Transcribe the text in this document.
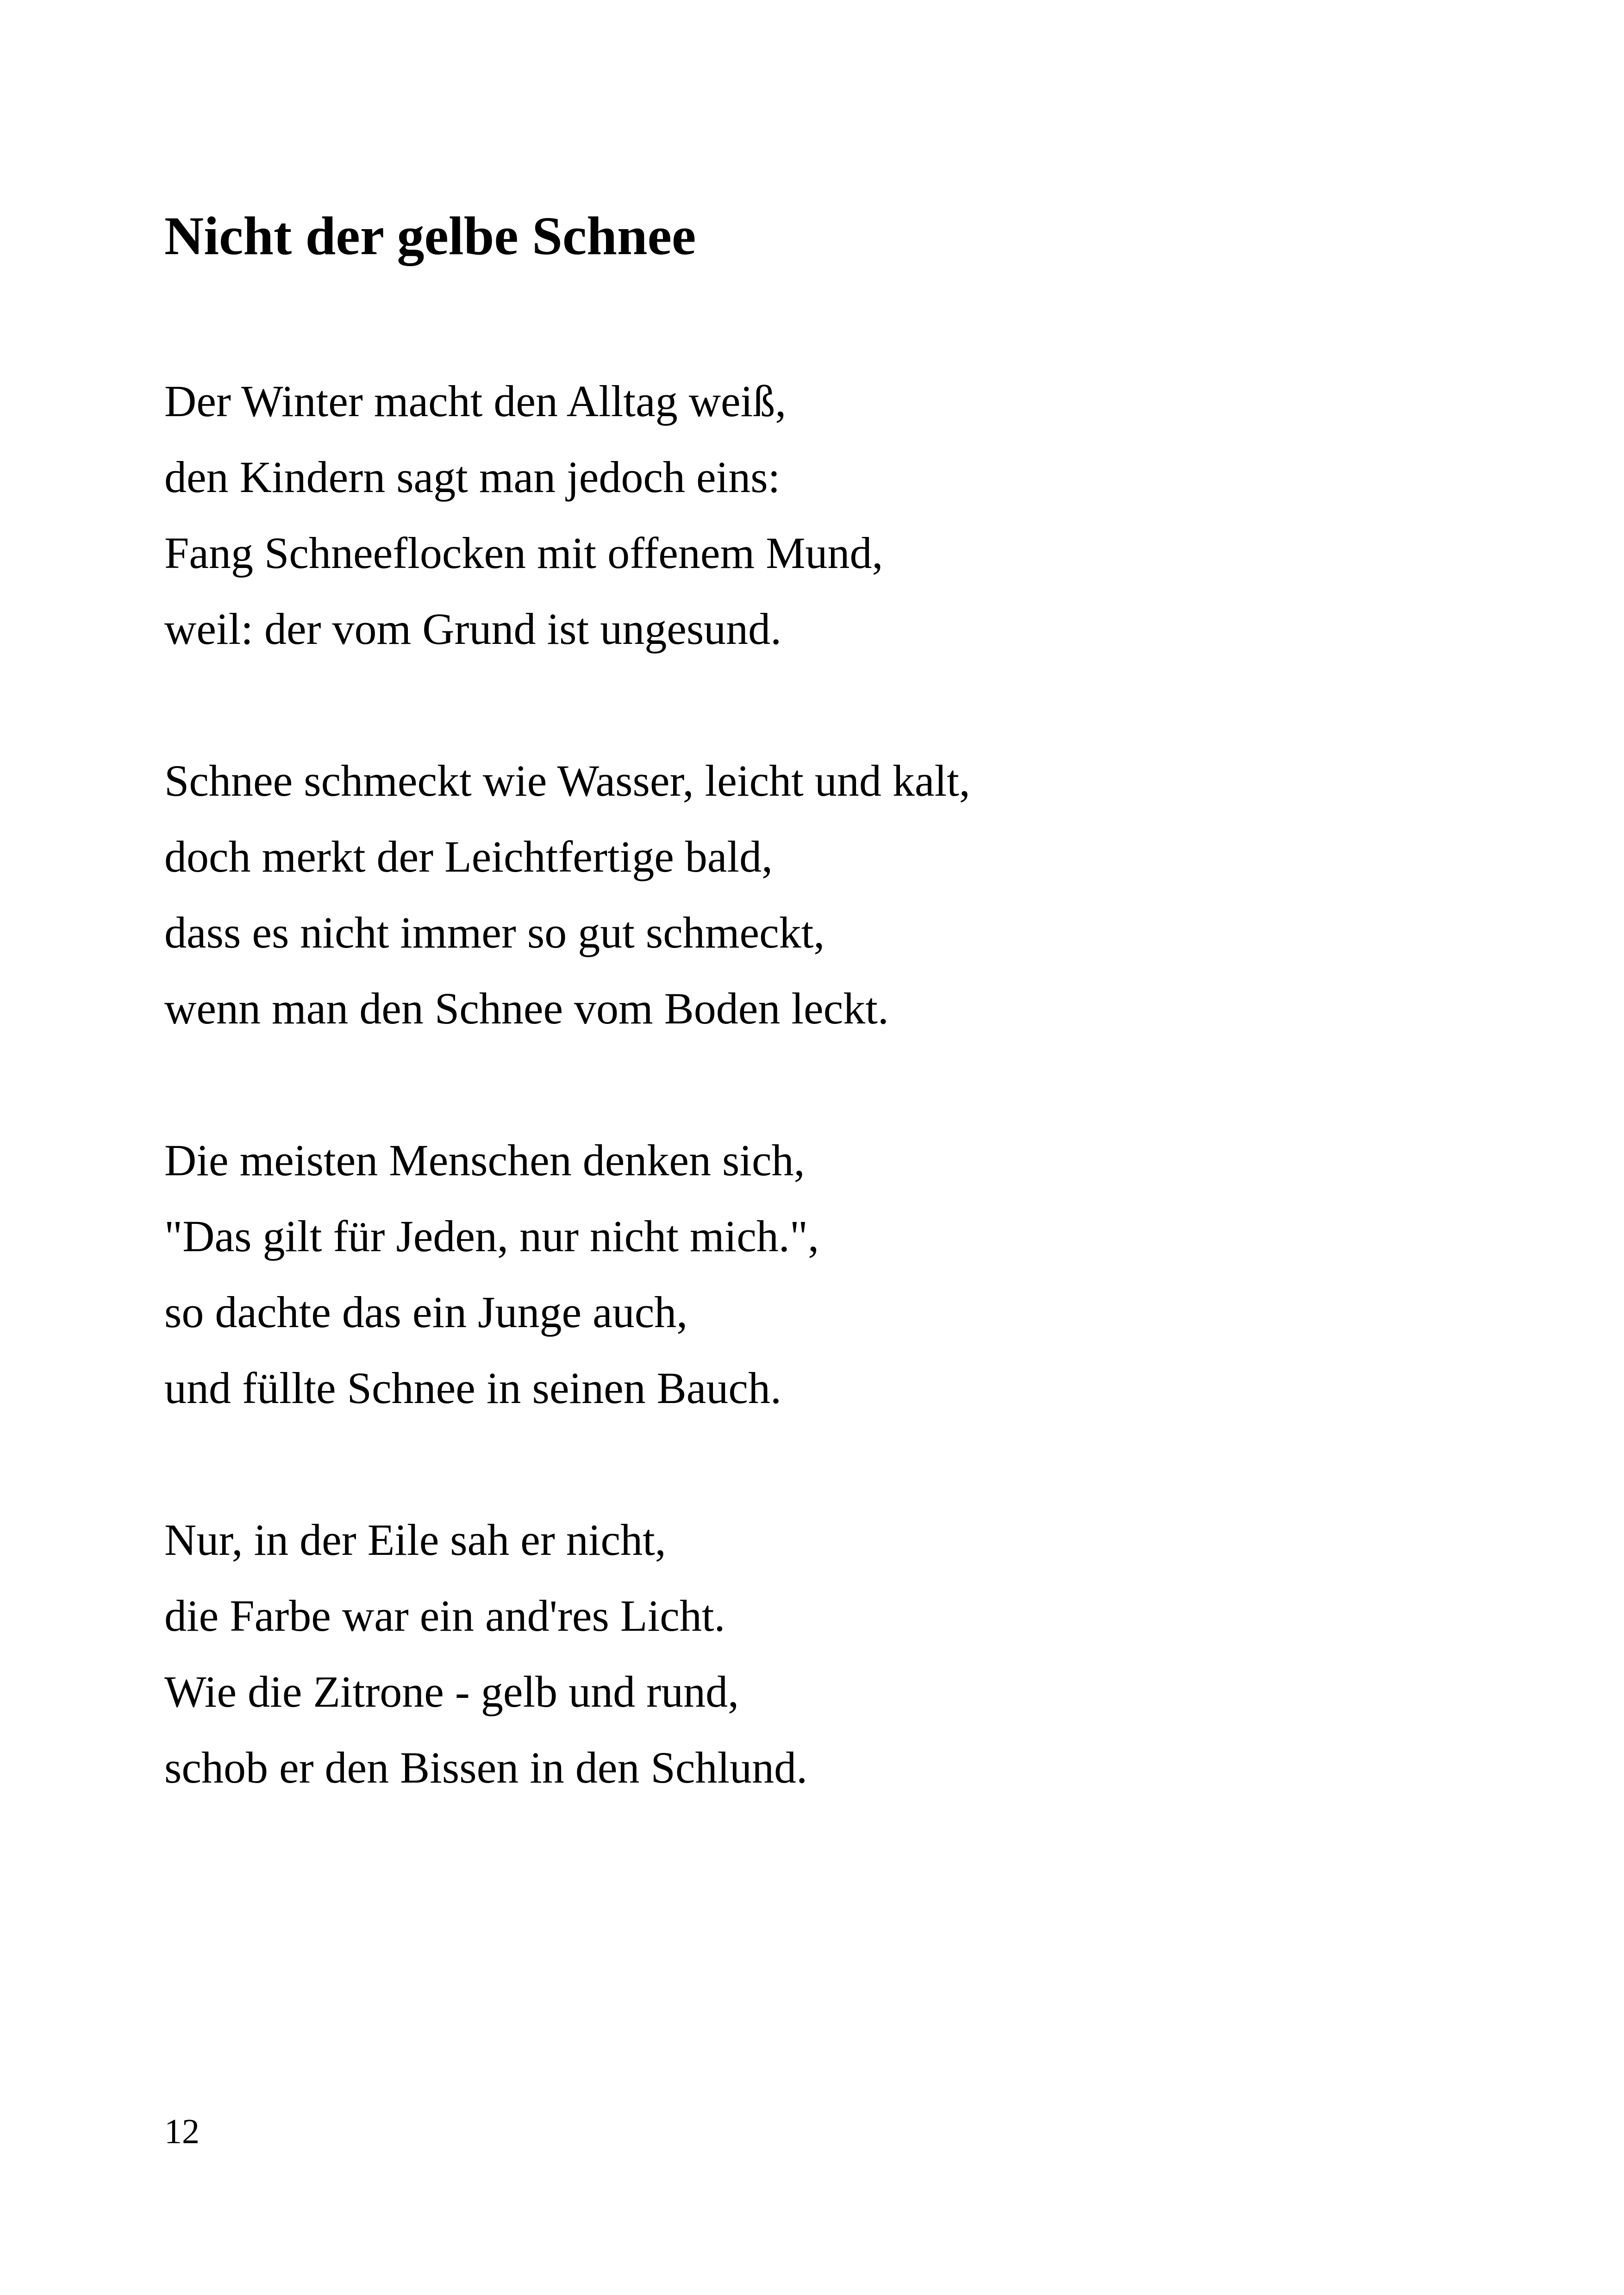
Nicht der gelbe Schnee
Der Winter macht den Alltag weiß,
den Kindern sagt man jedoch eins:
Fang Schneeflocken mit offenem Mund,
weil: der vom Grund ist ungesund.
Schnee schmeckt wie Wasser, leicht und kalt,
doch merkt der Leichtfertige bald,
dass es nicht immer so gut schmeckt,
wenn man den Schnee vom Boden leckt.
Die meisten Menschen denken sich,
"Das gilt für Jeden, nur nicht mich.",
so dachte das ein Junge auch,
und füllte Schnee in seinen Bauch.
Nur, in der Eile sah er nicht,
die Farbe war ein and'res Licht.
Wie die Zitrone - gelb und rund,
schob er den Bissen in den Schlund.
12
